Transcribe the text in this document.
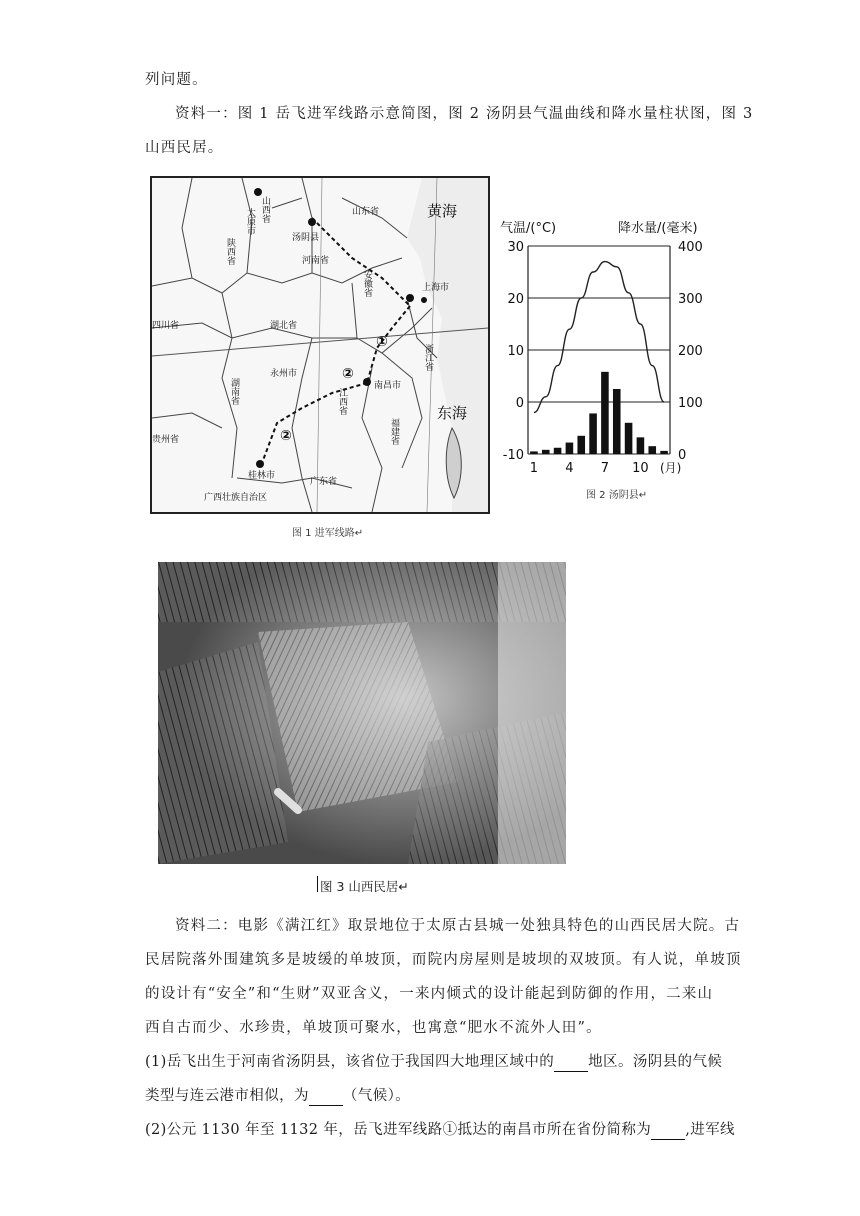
列问题。
资料一：图 1 岳飞进军线路示意简图，图 2 汤阴县气温曲线和降水量柱状图，图 3
山西民居。
山西省
太原市
汤阴县
山东省	黄海
陕西省	河南省
安徽省	上海市
四川省	湖北省
浙江省
湖南省
永州市
江西省
南昌市
福建省
东海
贵州省
广东省
桂林市
广西壮族自治区
①
②
②
图 1 进军线路↵
气温/(°C)	降水量/(毫米)
30
20
10
0
-10
400
300
200
100
0
1 4 7 10 (月)
图 2 汤阴县↵
图 3 山西民居↵
资料二：电影《满江红》取景地位于太原古县城一处独具特色的山西民居大院。古
民居院落外围建筑多是坡缓的单坡顶，而院内房屋则是坡坝的双坡顶。有人说，单坡顶
的设计有“安全”和“生财”双亚含义，一来内倾式的设计能起到防御的作用，二来山
西自古而少、水珍贵，单坡顶可聚水，也寓意“肥水不流外人田”。
(1)岳飞出生于河南省汤阴县，该省位于我国四大地理区域中的 地区。汤阴县的气候
类型与连云港市相似，为 （气候）。
(2)公元 1130 年至 1132 年，岳飞进军线路①抵达的南昌市所在省份简称为 ,进军线
